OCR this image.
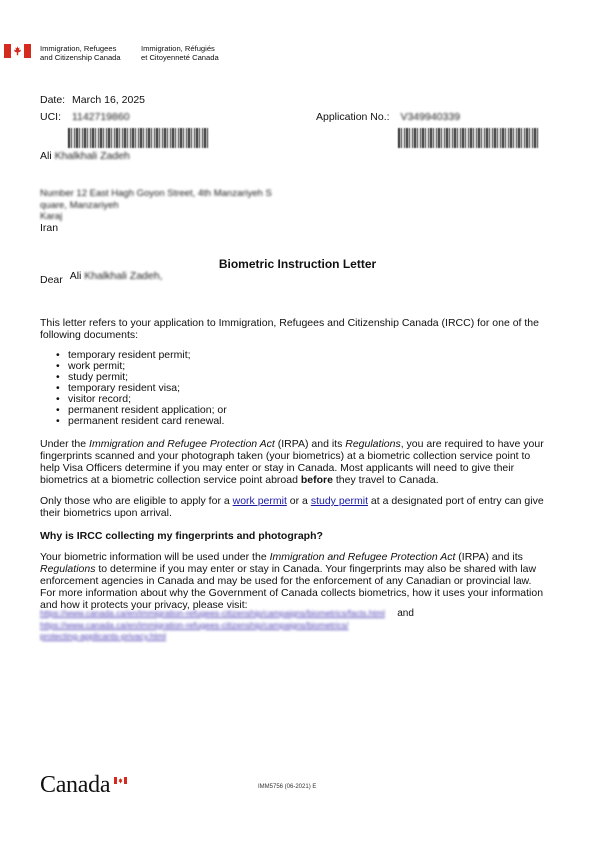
Immigration, Refugees
and Citizenship Canada
Immigration, Réfugiés
et Citoyenneté Canada
Date: March 16, 2025
UCI: 1142719860	Application No.: V349940339
Ali Khalkhali Zadeh
Number 12 East Hagh Goyon Street, 4th Manzariyeh S
quare, Manzariyeh
Karaj
Iran
Biometric Instruction Letter
Dear Ali Khalkhali Zadeh,

This letter refers to your application to Immigration, Refugees and Citizenship Canada (IRCC) for one of the following documents:

• temporary resident permit;
• work permit;
• study permit;
• temporary resident visa;
• visitor record;
• permanent resident application; or
• permanent resident card renewal.

Under the Immigration and Refugee Protection Act (IRPA) and its Regulations, you are required to have your fingerprints scanned and your photograph taken (your biometrics) at a biometric collection service point to help Visa Officers determine if you may enter or stay in Canada. Most applicants will need to give their biometrics at a biometric collection service point abroad before they travel to Canada.

Only those who are eligible to apply for a work permit or a study permit at a designated port of entry can give their biometrics upon arrival.

Why is IRCC collecting my fingerprints and photograph?

Your biometric information will be used under the Immigration and Refugee Protection Act (IRPA) and its Regulations to determine if you may enter or stay in Canada. Your fingerprints may also be shared with law enforcement agencies in Canada and may be used for the enforcement of any Canadian or provincial law. For more information about why the Government of Canada collects biometrics, how it uses your information and how it protects your privacy, please visit:

https://www.canada.ca/en/immigration-refugees-citizenship/campaigns/biometrics/facts.html and
https://www.canada.ca/en/immigration-refugees-citizenship/campaigns/biometrics/
protecting-applicants-privacy.html
Canada	IMM5756 (06-2021) E
